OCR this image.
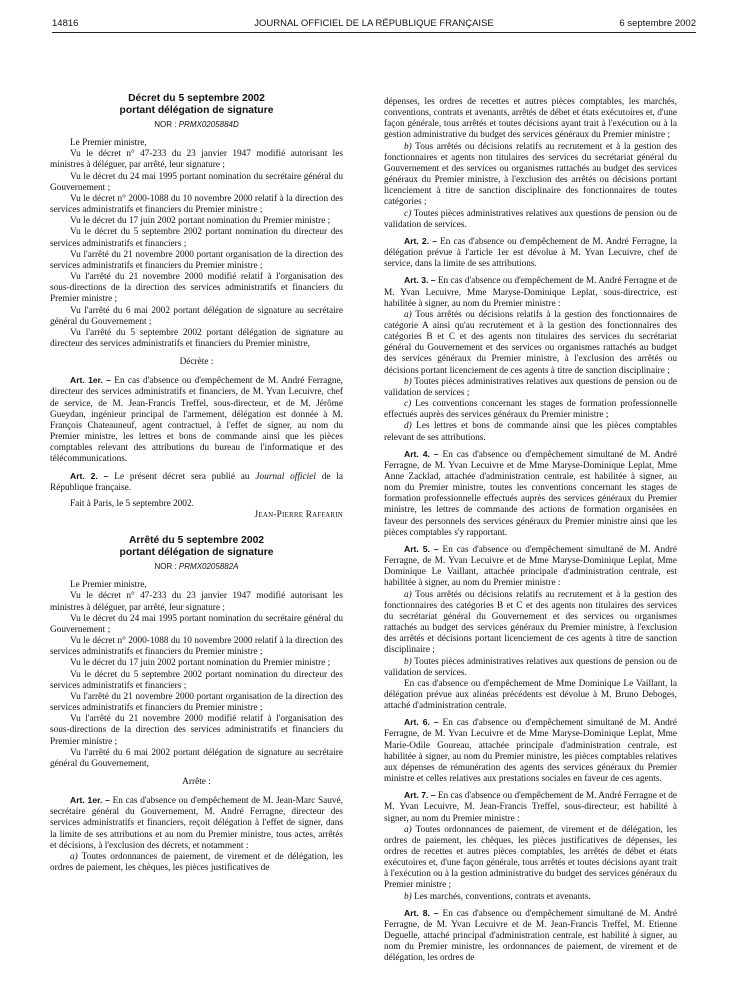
14816	JOURNAL OFFICIEL DE LA RÉPUBLIQUE FRANÇAISE	6 septembre 2002

Décret du 5 septembre 2002

portant délégation de signature

NOR : PRMX0205884D

Le Premier ministre,

Vu le décret n° 47-233 du 23 janvier 1947 modifié autorisant les ministres à déléguer, par arrêté, leur signature ;

Vu le décret du 24 mai 1995 portant nomination du secrétaire général du Gouvernement ;

Vu le décret n° 2000-1088 du 10 novembre 2000 relatif à la direction des services administratifs et financiers du Premier ministre ;

Vu le décret du 17 juin 2002 portant nomination du Premier ministre ;

Vu le décret du 5 septembre 2002 portant nomination du directeur des services administratifs et financiers ;

Vu l'arrêté du 21 novembre 2000 portant organisation de la direction des services administratifs et financiers du Premier ministre ;

Vu l'arrêté du 21 novembre 2000 modifié relatif à l'organisation des sous-directions de la direction des services administratifs et financiers du Premier ministre ;

Vu l'arrêté du 6 mai 2002 portant délégation de signature au secrétaire général du Gouvernement ;

Vu l'arrêté du 5 septembre 2002 portant délégation de signature au directeur des services administratifs et financiers du Premier ministre,

Décrète :

Art. 1er. – En cas d'absence ou d'empêchement de M. André Ferragne, directeur des services administratifs et financiers, de M. Yvan Lecuivre, chef de service, de M. Jean-Francis Treffel, sous-directeur, et de M. Jérôme Gueydan, ingénieur principal de l'armement, délégation est donnée à M. François Chateauneuf, agent contractuel, à l'effet de signer, au nom du Premier ministre, les lettres et bons de commande ainsi que les pièces comptables relevant des attributions du bureau de l'informatique et des télécommunications.

Art. 2. – Le présent décret sera publié au Journal officiel de la République française.

Fait à Paris, le 5 septembre 2002.

Jean-Pierre Raffarin

Arrêté du 5 septembre 2002

portant délégation de signature

NOR : PRMX0205882A

Le Premier ministre,

Vu le décret n° 47-233 du 23 janvier 1947 modifié autorisant les ministres à déléguer, par arrêté, leur signature ;

Vu le décret du 24 mai 1995 portant nomination du secrétaire général du Gouvernement ;

Vu le décret n° 2000-1088 du 10 novembre 2000 relatif à la direction des services administratifs et financiers du Premier ministre ;

Vu le décret du 17 juin 2002 portant nomination du Premier ministre ;

Vu le décret du 5 septembre 2002 portant nomination du directeur des services administratifs et financiers ;

Vu l'arrêté du 21 novembre 2000 portant organisation de la direction des services administratifs et financiers du Premier ministre ;

Vu l'arrêté du 21 novembre 2000 modifié relatif à l'organisation des sous-directions de la direction des services administratifs et financiers du Premier ministre ;

Vu l'arrêté du 6 mai 2002 portant délégation de signature au secrétaire général du Gouvernement,

Arrête :

Art. 1er. – En cas d'absence ou d'empêchement de M. Jean-Marc Sauvé, secrétaire général du Gouvernement, M. André Ferragne, directeur des services administratifs et financiers, reçoit délégation à l'effet de signer, dans la limite de ses attributions et au nom du Premier ministre, tous actes, arrêtés et décisions, à l'exclusion des décrets, et notamment :

a) Toutes ordonnances de paiement, de virement et de délégation, les ordres de paiement, les chèques, les pièces justificatives de

dépenses, les ordres de recettes et autres pièces comptables, les marchés, conventions, contrats et avenants, arrêtés de débet et états exécutoires et, d'une façon générale, tous arrêtés et toutes décisions ayant trait à l'exécution ou à la gestion administrative du budget des services généraux du Premier ministre ;

b) Tous arrêtés ou décisions relatifs au recrutement et à la gestion des fonctionnaires et agents non titulaires des services du secrétariat général du Gouvernement et des services ou organismes rattachés au budget des services généraux du Premier ministre, à l'exclusion des arrêtés ou décisions portant licenciement à titre de sanction disciplinaire des fonctionnaires de toutes catégories ;

c) Toutes pièces administratives relatives aux questions de pension ou de validation de services.

Art. 2. – En cas d'absence ou d'empêchement de M. André Ferragne, la délégation prévue à l'article 1er est dévolue à M. Yvan Lecuivre, chef de service, dans la limite de ses attributions.

Art. 3. – En cas d'absence ou d'empêchement de M. André Ferragne et de M. Yvan Lecuivre, Mme Maryse-Dominique Leplat, sous-directrice, est habilitée à signer, au nom du Premier ministre :

a) Tous arrêtés ou décisions relatifs à la gestion des fonctionnaires de catégorie A ainsi qu'au recrutement et à la gestion des fonctionnaires des catégories B et C et des agents non titulaires des services du secrétariat général du Gouvernement et des services ou organismes rattachés au budget des services généraux du Premier ministre, à l'exclusion des arrêtés ou décisions portant licenciement de ces agents à titre de sanction disciplinaire ;

b) Toutes pièces administratives relatives aux questions de pension ou de validation de services ;

c) Les conventions concernant les stages de formation professionnelle effectués auprès des services généraux du Premier ministre ;

d) Les lettres et bons de commande ainsi que les pièces comptables relevant de ses attributions.

Art. 4. – En cas d'absence ou d'empêchement simultané de M. André Ferragne, de M. Yvan Lecuivre et de Mme Maryse-Dominique Leplat, Mme Anne Zacklad, attachée d'administration centrale, est habilitée à signer, au nom du Premier ministre, toutes les conventions concernant les stages de formation professionnelle effectués auprès des services généraux du Premier ministre, les lettres de commande des actions de formation organisées en faveur des personnels des services généraux du Premier ministre ainsi que les pièces comptables s'y rapportant.

Art. 5. – En cas d'absence ou d'empêchement simultané de M. André Ferragne, de M. Yvan Lecuivre et de Mme Maryse-Dominique Leplat, Mme Dominique Le Vaillant, attachée principale d'administration centrale, est habilitée à signer, au nom du Premier ministre :

a) Tous arrêtés ou décisions relatifs au recrutement et à la gestion des fonctionnaires des catégories B et C et des agents non titulaires des services du secrétariat général du Gouvernement et des services ou organismes rattachés au budget des services généraux du Premier ministre, à l'exclusion des arrêtés et décisions portant licenciement de ces agents à titre de sanction disciplinaire ;

b) Toutes pièces administratives relatives aux questions de pension ou de validation de services.

En cas d'absence ou d'empêchement de Mme Dominique Le Vaillant, la délégation prévue aux alinéas précédents est dévolue à M. Bruno Deboges, attaché d'administration centrale.

Art. 6. – En cas d'absence ou d'empêchement simultané de M. André Ferragne, de M. Yvan Lecuivre et de Mme Maryse-Dominique Leplat, Mme Marie-Odile Goureau, attachée principale d'administration centrale, est habilitée à signer, au nom du Premier ministre, les pièces comptables relatives aux dépenses de rémunération des agents des services généraux du Premier ministre et celles relatives aux prestations sociales en faveur de ces agents.

Art. 7. – En cas d'absence ou d'empêchement de M. André Ferragne et de M. Yvan Lecuivre, M. Jean-Francis Treffel, sous-directeur, est habilité à signer, au nom du Premier ministre :

a) Toutes ordonnances de paiement, de virement et de délégation, les ordres de paiement, les chèques, les pièces justificatives de dépenses, les ordres de recettes et autres pièces comptables, les arrêtés de débet et états exécutoires et, d'une façon générale, tous arrêtés et toutes décisions ayant trait à l'exécution ou à la gestion administrative du budget des services généraux du Premier ministre ;

b) Les marchés, conventions, contrats et avenants.

Art. 8. – En cas d'absence ou d'empêchement simultané de M. André Ferragne, de M. Yvan Lecuivre et de M. Jean-Francis Treffel, M. Etienne Deguelle, attaché principal d'administration centrale, est habilité à signer, au nom du Premier ministre, les ordonnances de paiement, de virement et de délégation, les ordres de
